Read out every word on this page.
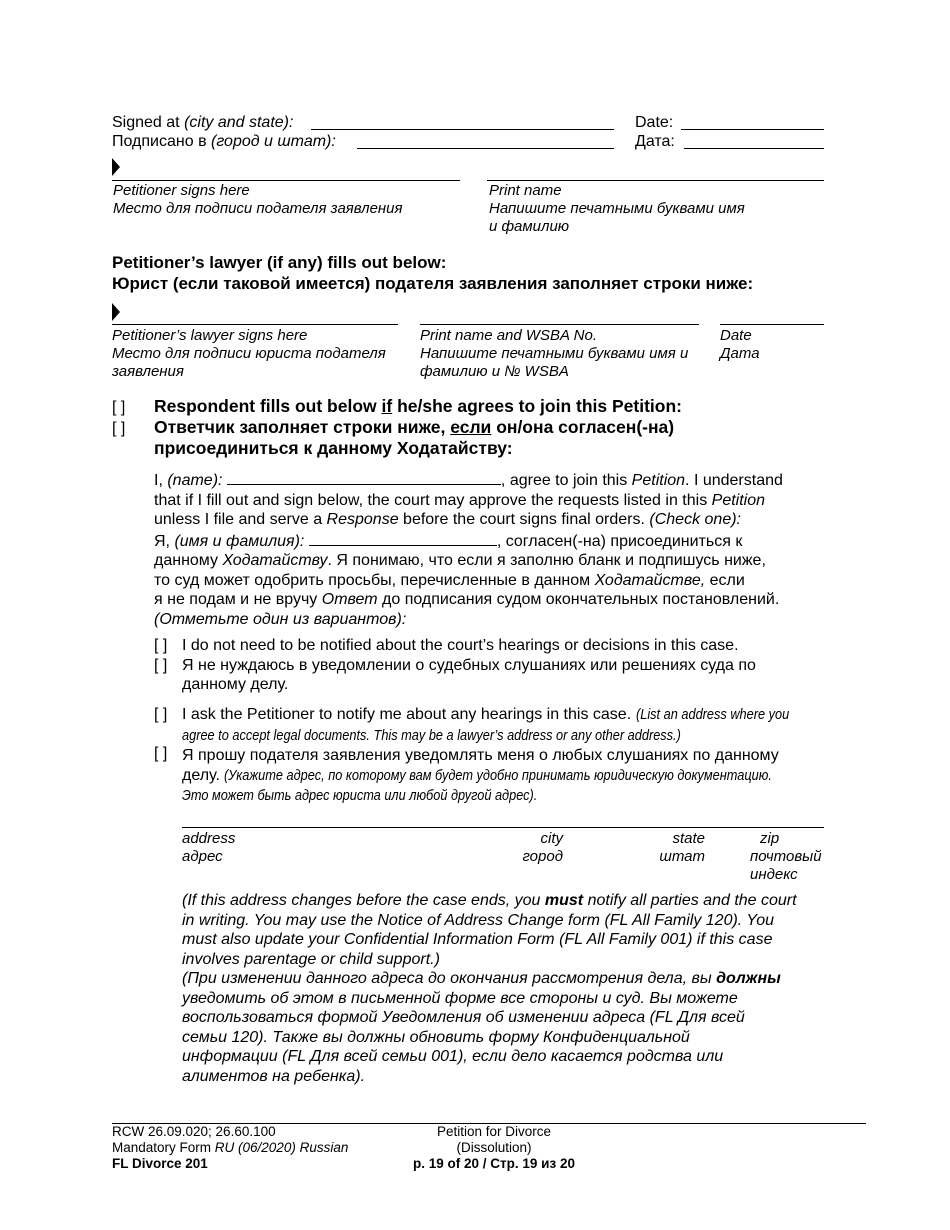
Signed at (city and state):
Подписано в (город и штат):
Date:
Дата:
Petitioner signs here
Место для подписи подателя заявления
Print name
Напишите печатными буквами имя
и фамилию
Petitioner’s lawyer (if any) fills out below:
Юрист (если таковой имеется) подателя заявления заполняет строки ниже:
Petitioner’s lawyer signs here
Место для подписи юриста подателя
заявления
Print name and WSBA No.
Напишите печатными буквами имя и
фамилию и № WSBA
Date
Дата
[ ]
[ ]
Respondent fills out below if he/she agrees to join this Petition:
Ответчик заполняет строки ниже, если он/она согласен(-на)
присоединиться к данному Ходатайству:
I, (name):	, agree to join this Petition. I understand
that if I fill out and sign below, the court may approve the requests listed in this Petition
unless I file and serve a Response before the court signs final orders. (Check one):
Я, (имя и фамилия):	, согласен(-на) присоединиться к
данному Ходатайству. Я понимаю, что если я заполню бланк и подпишусь ниже,
то суд может одобрить просьбы, перечисленные в данном Ходатайстве, если
я не подам и не вручу Ответ до подписания судом окончательных постановлений.
(Отметьте один из вариантов):
[ ]
[ ]
I do not need to be notified about the court’s hearings or decisions in this case.
Я не нуждаюсь в уведомлении о судебных слушаниях или решениях суда по
данному делу.
[ ]
[ ]
I ask the Petitioner to notify me about any hearings in this case. (List an address where you
agree to accept legal documents. This may be a lawyer’s address or any other address.)
Я прошу подателя заявления уведомлять меня о любых слушаниях по данному
делу. (Укажите адрес, по которому вам будет удобно принимать юридическую документацию.
Это может быть адрес юриста или любой другой адрес).
address
адрес
city
город
state
штат
zip
почтовый
индекс
(If this address changes before the case ends, you must notify all parties and the court
in writing. You may use the Notice of Address Change form (FL All Family 120). You
must also update your Confidential Information Form (FL All Family 001) if this case
involves parentage or child support.)
(При изменении данного адреса до окончания рассмотрения дела, вы должны
уведомить об этом в письменной форме все стороны и суд. Вы можете
воспользоваться формой Уведомления об изменении адреса (FL Для всей
семьи 120). Также вы должны обновить форму Конфиденциальной
информации (FL Для всей семьи 001), если дело касается родства или
алиментов на ребенка).
RCW 26.09.020; 26.60.100
Mandatory Form RU (06/2020) Russian
FL Divorce 201
Petition for Divorce
(Dissolution)
p. 19 of 20 / Стр. 19 из 20
